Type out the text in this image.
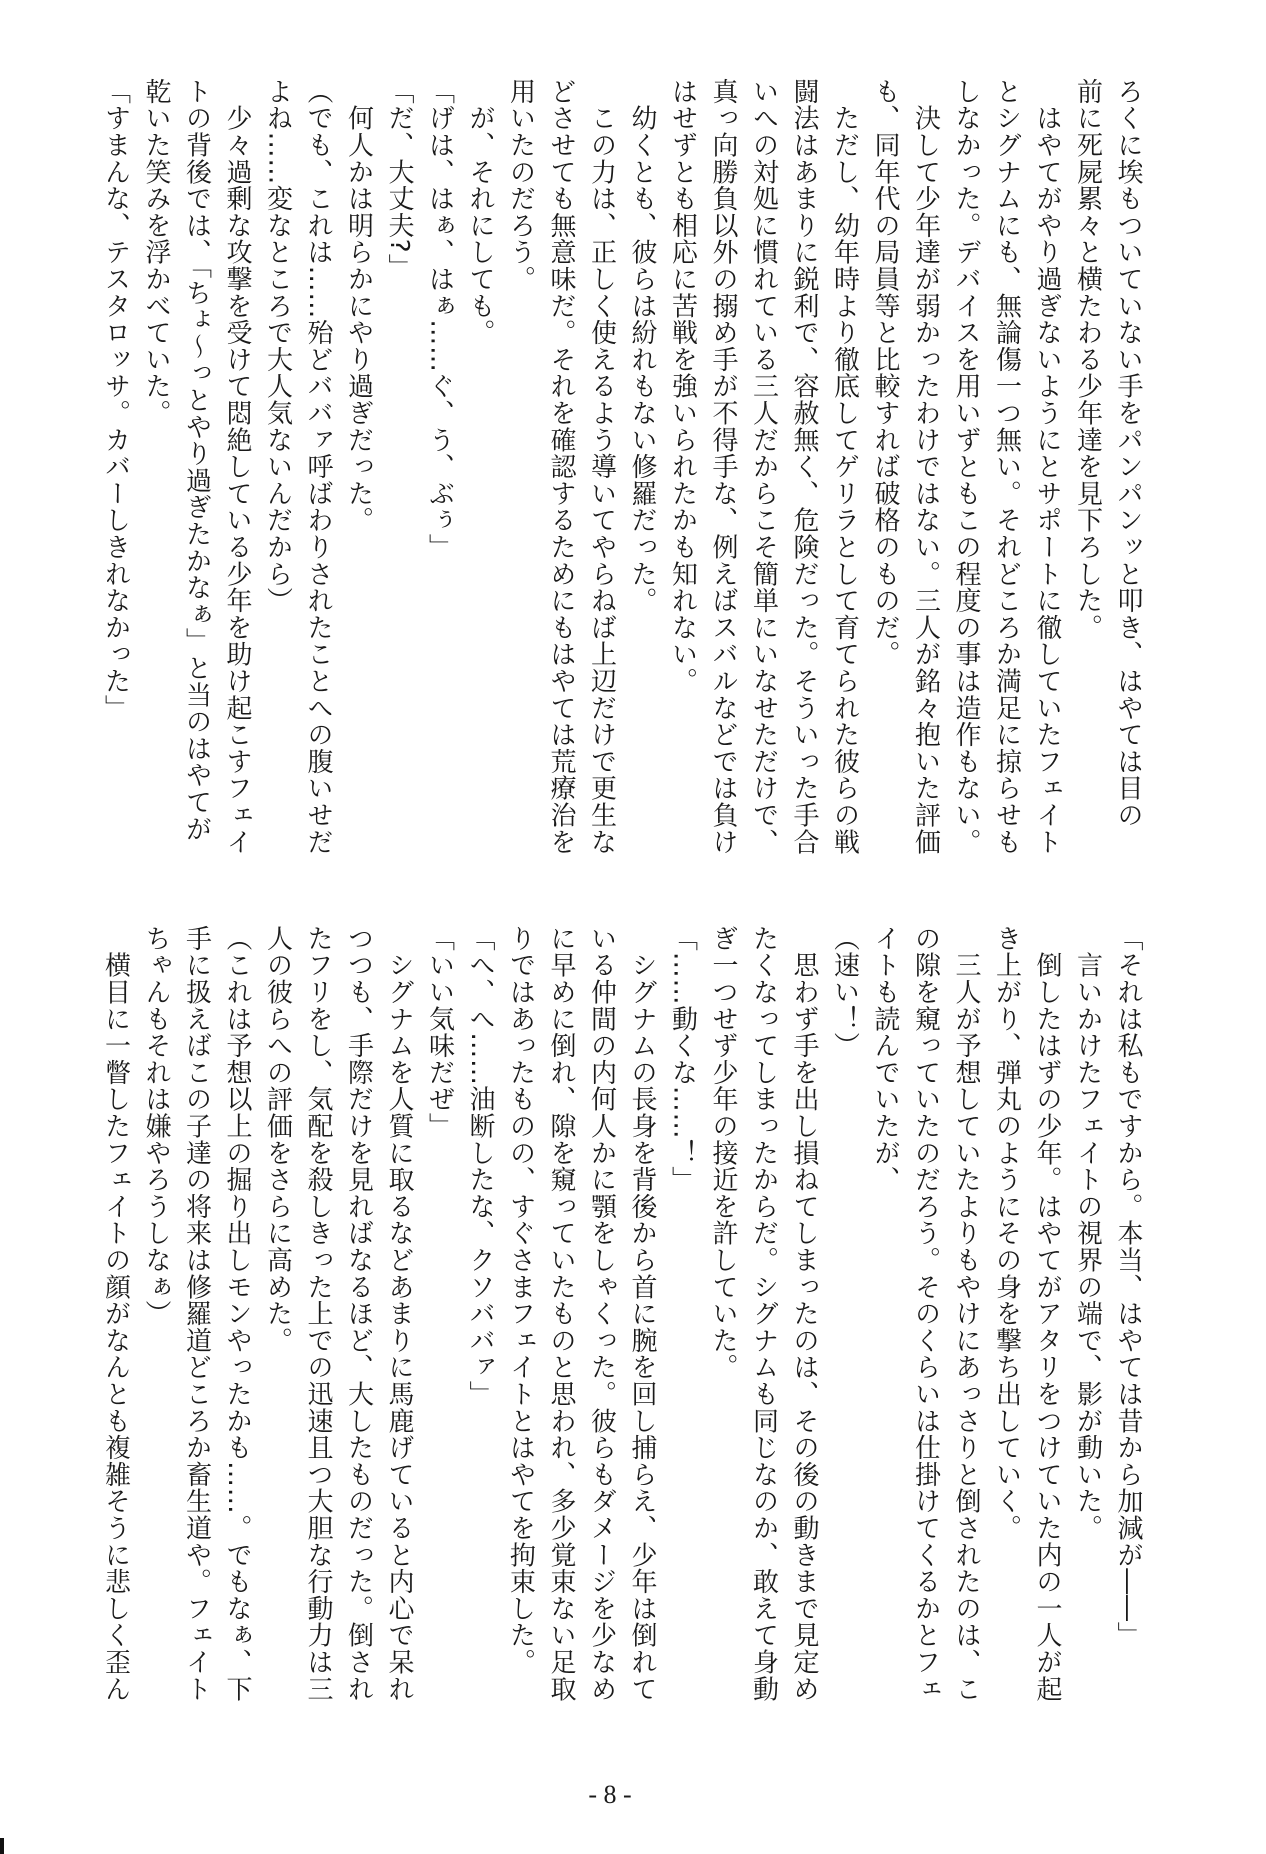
ろくに埃もついていない手をパンパンッと叩き、はやては目の
前に死屍累々と横たわる少年達を見下ろした。
　はやてがやり過ぎないようにとサポートに徹していたフェイト
とシグナムにも、無論傷一つ無い。それどころか満足に掠らせも
しなかった。デバイスを用いずともこの程度の事は造作もない。
　決して少年達が弱かったわけではない。三人が銘々抱いた評価
も、同年代の局員等と比較すれば破格のものだ。
　ただし、幼年時より徹底してゲリラとして育てられた彼らの戦
闘法はあまりに鋭利で、容赦無く、危険だった。そういった手合
いへの対処に慣れている三人だからこそ簡単にいなせただけで、
真っ向勝負以外の搦め手が不得手な、例えばスバルなどでは負け
はせずとも相応に苦戦を強いられたかも知れない。
　幼くとも、彼らは紛れもない修羅だった。
　この力は、正しく使えるよう導いてやらねば上辺だけで更生な
どさせても無意味だ。それを確認するためにもはやては荒療治を
用いたのだろう。
　が、それにしても。
「げは、はぁ、はぁ……ぐ、う、ぶぅ」
「だ、大丈夫?」
　何人かは明らかにやり過ぎだった。
（でも、これは……殆どババァ呼ばわりされたことへの腹いせだ
よね……変なところで大人気ないんだから）
　少々過剰な攻撃を受けて悶絶している少年を助け起こすフェイ
トの背後では、「ちょ～っとやり過ぎたかなぁ」と当のはやてが
乾いた笑みを浮かべていた。
「すまんな、テスタロッサ。カバーしきれなかった」
「それは私もですから。本当、はやては昔から加減が――」
　言いかけたフェイトの視界の端で、影が動いた。
　倒したはずの少年。はやてがアタリをつけていた内の一人が起
き上がり、弾丸のようにその身を撃ち出していく。
　三人が予想していたよりもやけにあっさりと倒されたのは、こ
の隙を窺っていたのだろう。そのくらいは仕掛けてくるかとフェ
イトも読んでいたが、
（速い！）
　思わず手を出し損ねてしまったのは、その後の動きまで見定め
たくなってしまったからだ。シグナムも同じなのか、敢えて身動
ぎ一つせず少年の接近を許していた。
「……動くな……！」
　シグナムの長身を背後から首に腕を回し捕らえ、少年は倒れて
いる仲間の内何人かに顎をしゃくった。彼らもダメージを少なめ
に早めに倒れ、隙を窺っていたものと思われ、多少覚束ない足取
りではあったものの、すぐさまフェイトとはやてを拘束した。
「へ、へ……油断したな、クソババァ」
「いい気味だぜ」
　シグナムを人質に取るなどあまりに馬鹿げていると内心で呆れ
つつも、手際だけを見ればなるほど、大したものだった。倒され
たフリをし、気配を殺しきった上での迅速且つ大胆な行動力は三
人の彼らへの評価をさらに高めた。
（これは予想以上の掘り出しモンやったかも……。でもなぁ、下
手に扱えばこの子達の将来は修羅道どころか畜生道や。フェイト
ちゃんもそれは嫌やろうしなぁ）
　横目に一瞥したフェイトの顔がなんとも複雑そうに悲しく歪ん
- 8 -
